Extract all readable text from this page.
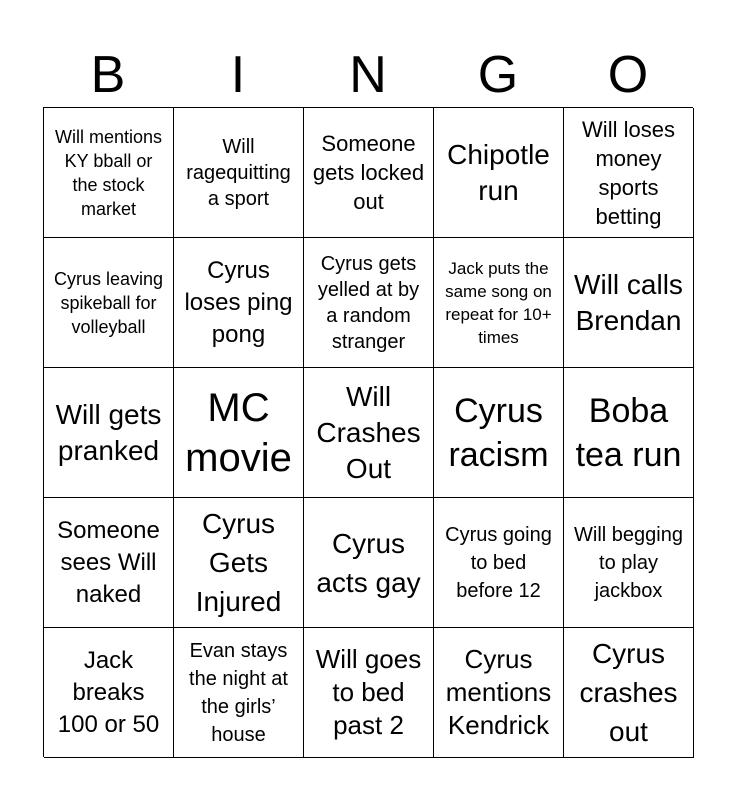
B	I	N	G	O
Will mentions KY bball or the stock market
Will ragequitting a sport
Someone gets locked out
Chipotle run
Will loses money sports betting
Cyrus leaving spikeball for volleyball
Cyrus loses ping pong
Cyrus gets yelled at by a random stranger
Jack puts the same song on repeat for 10+ times
Will calls Brendan
Will gets pranked
MC movie
Will Crashes Out
Cyrus racism
Boba tea run
Someone sees Will naked
Cyrus Gets Injured
Cyrus acts gay
Cyrus going to bed before 12
Will begging to play jackbox
Jack breaks 100 or 50
Evan stays the night at the girls’ house
Will goes to bed past 2
Cyrus mentions Kendrick
Cyrus crashes out
